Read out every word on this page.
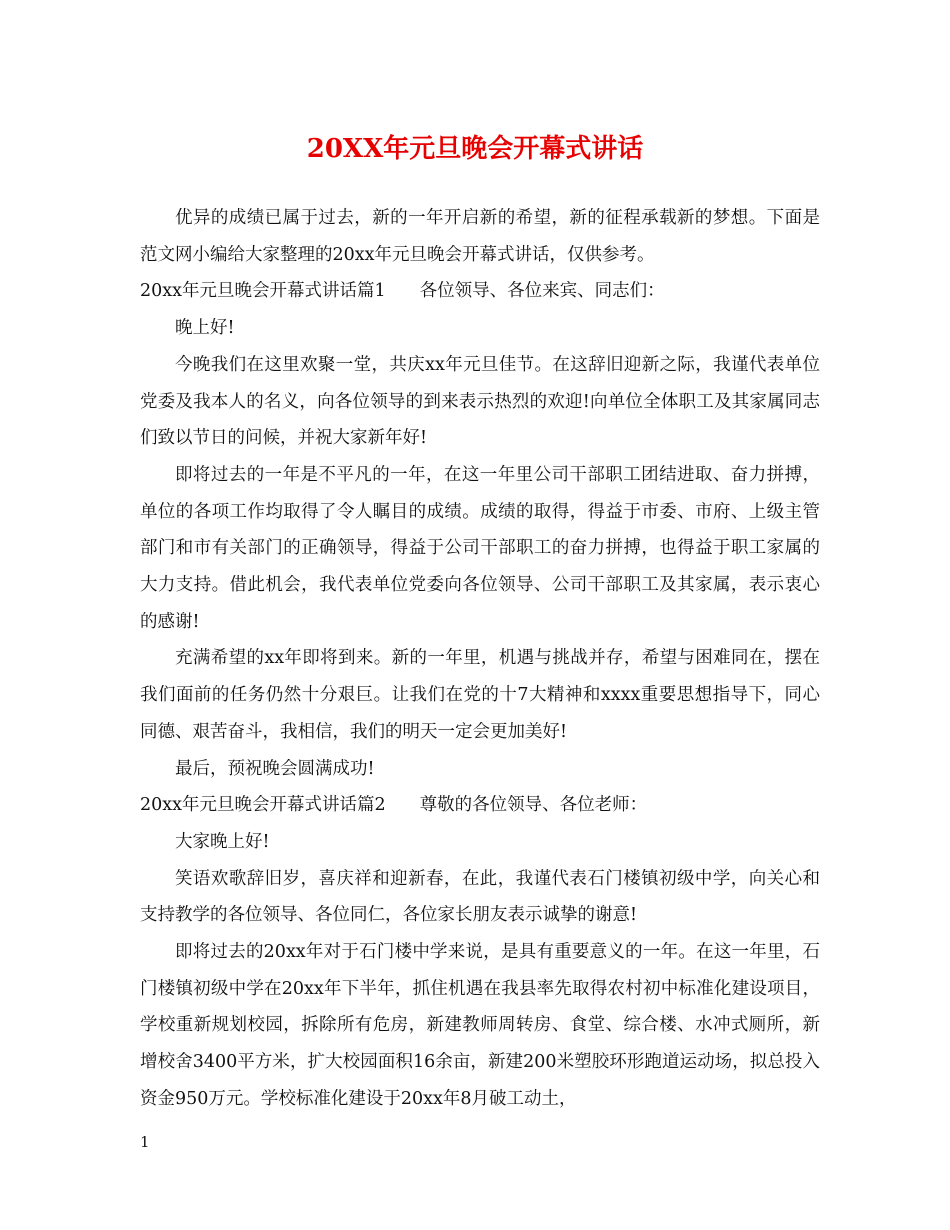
20XX年元旦晚会开幕式讲话

优异的成绩已属于过去，新的一年开启新的希望，新的征程承载新的梦想。下面是范文网小编给大家整理的20xx年元旦晚会开幕式讲话，仅供参考。

20xx年元旦晚会开幕式讲话篇1 各位领导、各位来宾、同志们：

晚上好!

今晚我们在这里欢聚一堂，共庆xx年元旦佳节。在这辞旧迎新之际，我谨代表单位党委及我本人的名义，向各位领导的到来表示热烈的欢迎!向单位全体职工及其家属同志们致以节日的问候，并祝大家新年好!

即将过去的一年是不平凡的一年，在这一年里公司干部职工团结进取、奋力拼搏，单位的各项工作均取得了令人瞩目的成绩。成绩的取得，得益于市委、市府、上级主管部门和市有关部门的正确领导，得益于公司干部职工的奋力拼搏，也得益于职工家属的大力支持。借此机会，我代表单位党委向各位领导、公司干部职工及其家属，表示衷心的感谢!

充满希望的xx年即将到来。新的一年里，机遇与挑战并存，希望与困难同在，摆在我们面前的任务仍然十分艰巨。让我们在党的十7大精神和xxxx重要思想指导下，同心同德、艰苦奋斗，我相信，我们的明天一定会更加美好!

最后，预祝晚会圆满成功!

20xx年元旦晚会开幕式讲话篇2 尊敬的各位领导、各位老师：

大家晚上好!

笑语欢歌辞旧岁，喜庆祥和迎新春，在此，我谨代表石门楼镇初级中学，向关心和支持教学的各位领导、各位同仁，各位家长朋友表示诚挚的谢意!

即将过去的20xx年对于石门楼中学来说，是具有重要意义的一年。在这一年里，石门楼镇初级中学在20xx年下半年，抓住机遇在我县率先取得农村初中标准化建设项目，学校重新规划校园，拆除所有危房，新建教师周转房、食堂、综合楼、水冲式厕所，新增校舍3400平方米，扩大校园面积16余亩，新建200米塑胶环形跑道运动场，拟总投入资金950万元。学校标准化建设于20xx年8月破工动土，

1
